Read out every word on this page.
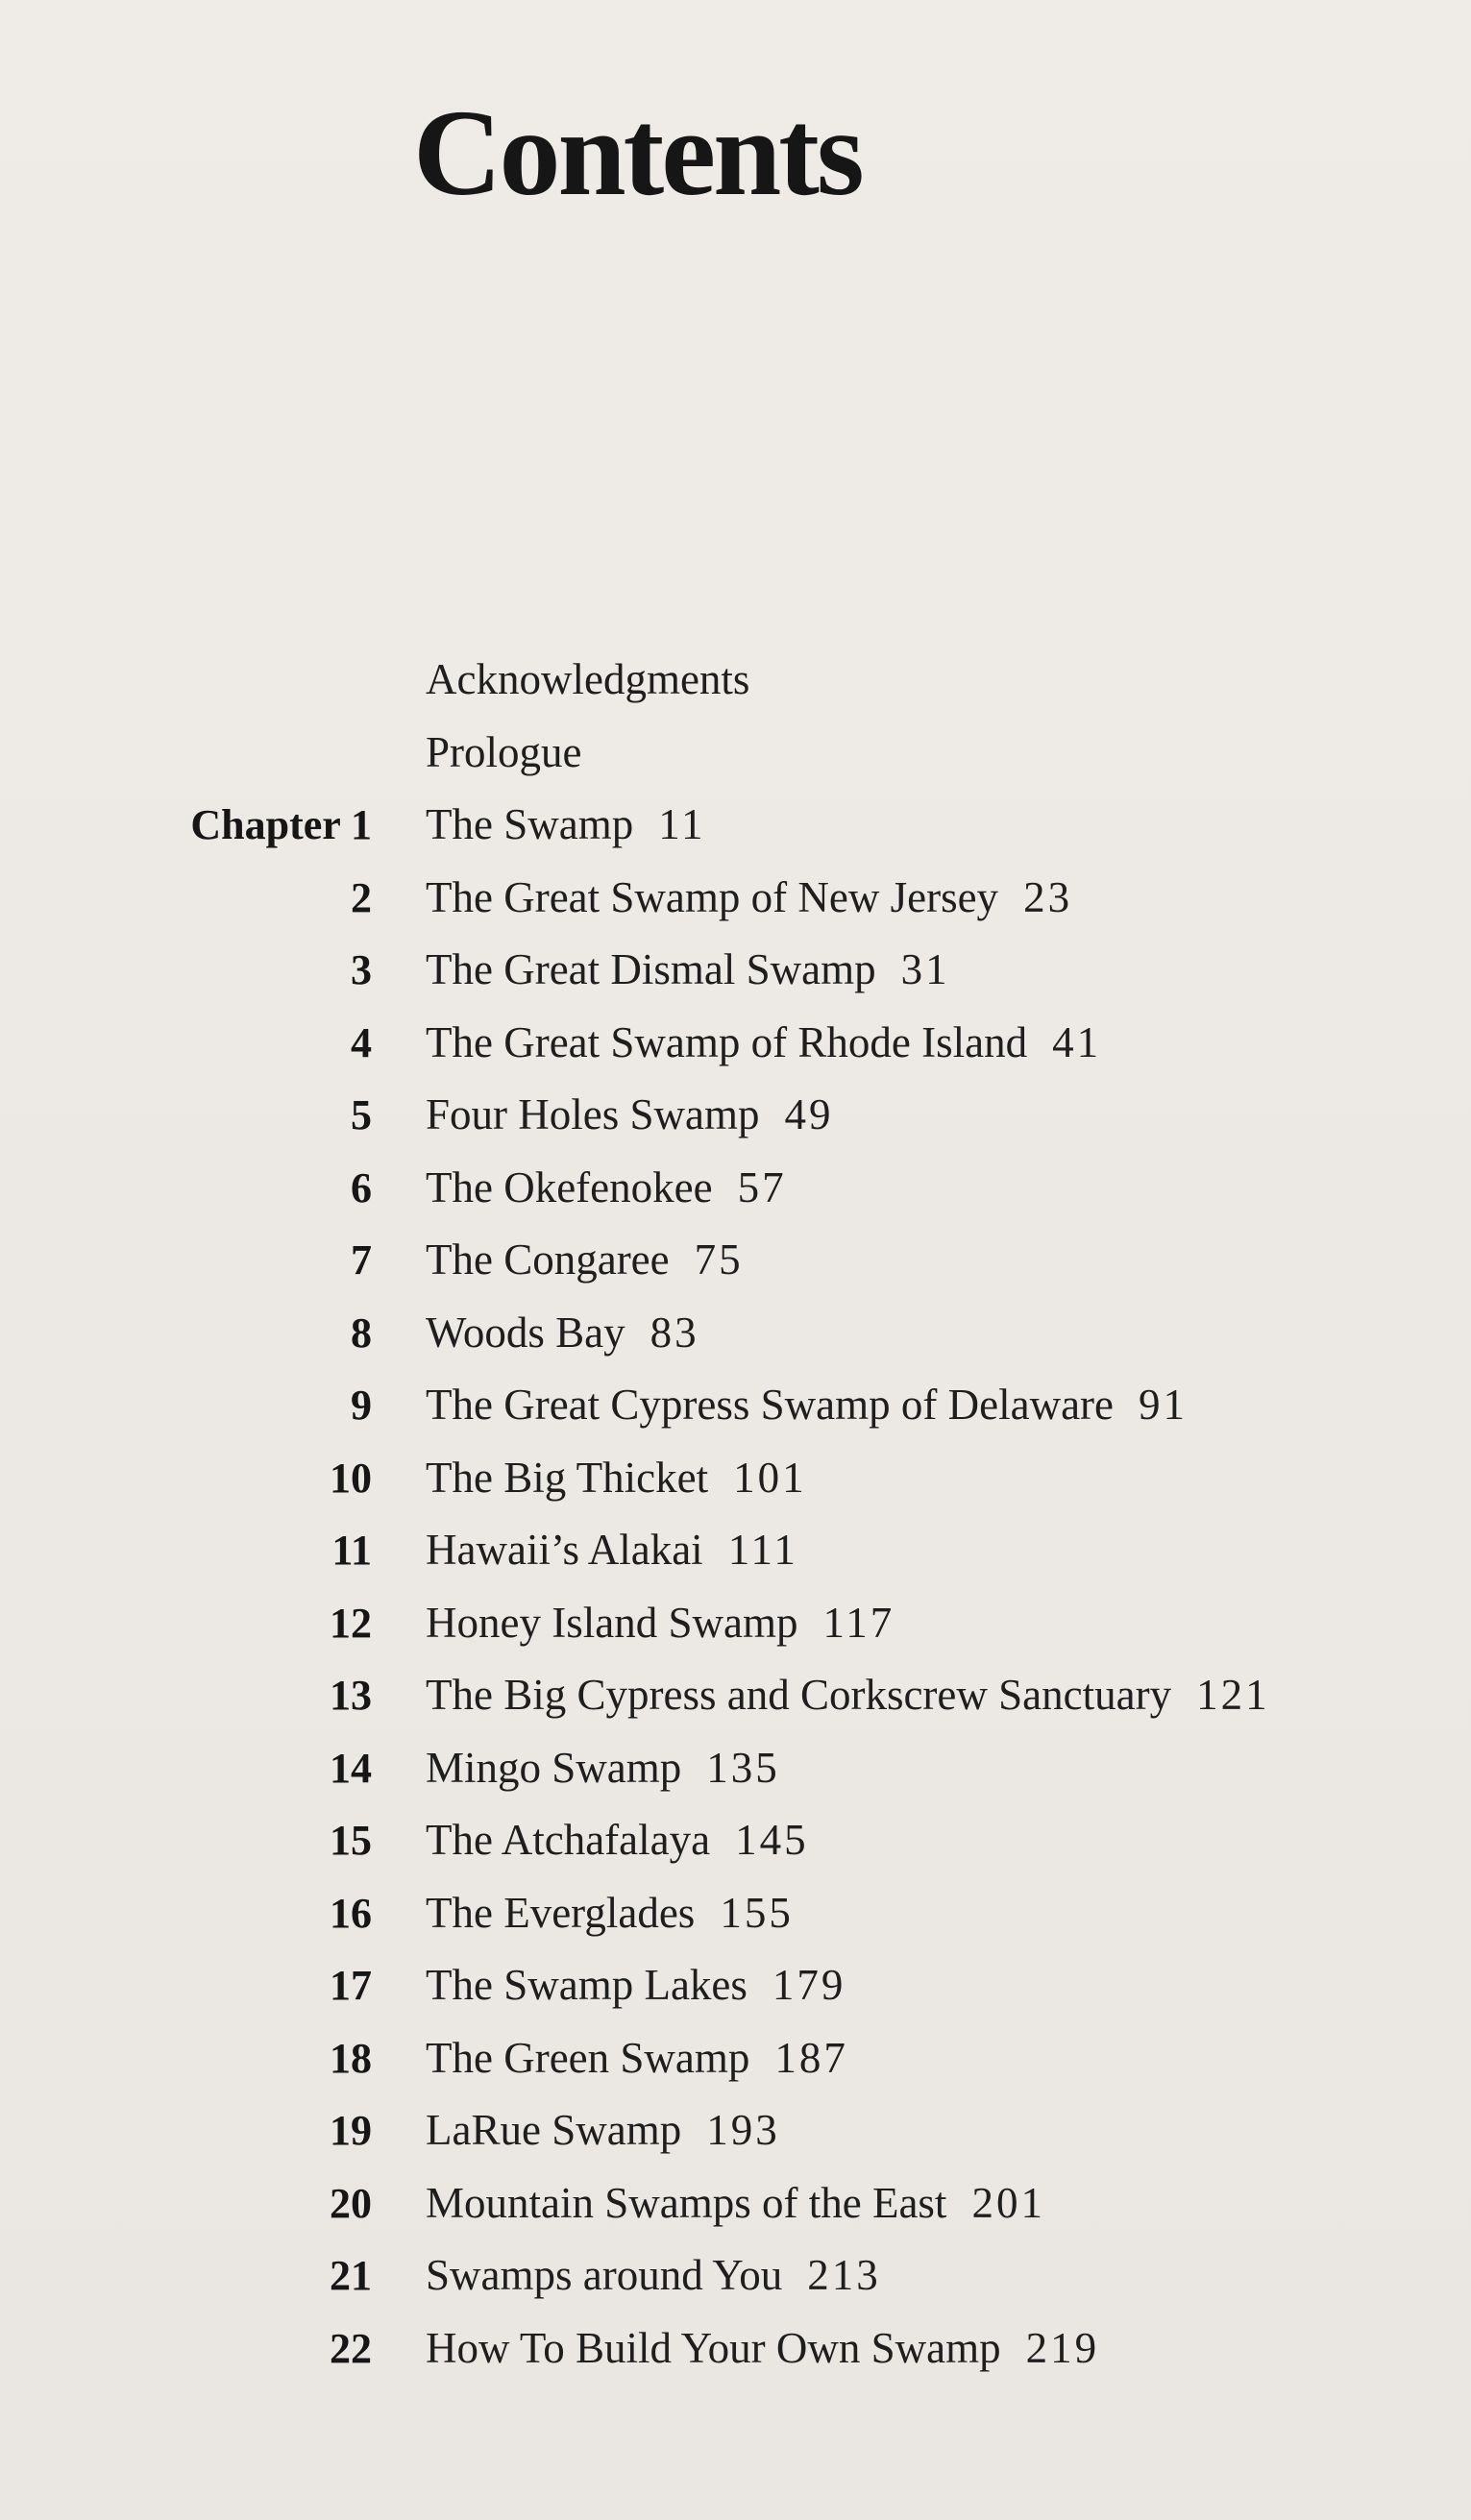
Contents
Acknowledgments
Prologue
Chapter 1 The Swamp 11
2 The Great Swamp of New Jersey 23
3 The Great Dismal Swamp 31
4 The Great Swamp of Rhode Island 41
5 Four Holes Swamp 49
6 The Okefenokee 57
7 The Congaree 75
8 Woods Bay 83
9 The Great Cypress Swamp of Delaware 91
10 The Big Thicket 101
11 Hawaii’s Alakai 111
12 Honey Island Swamp 117
13 The Big Cypress and Corkscrew Sanctuary 121
14 Mingo Swamp 135
15 The Atchafalaya 145
16 The Everglades 155
17 The Swamp Lakes 179
18 The Green Swamp 187
19 LaRue Swamp 193
20 Mountain Swamps of the East 201
21 Swamps around You 213
22 How To Build Your Own Swamp 219
